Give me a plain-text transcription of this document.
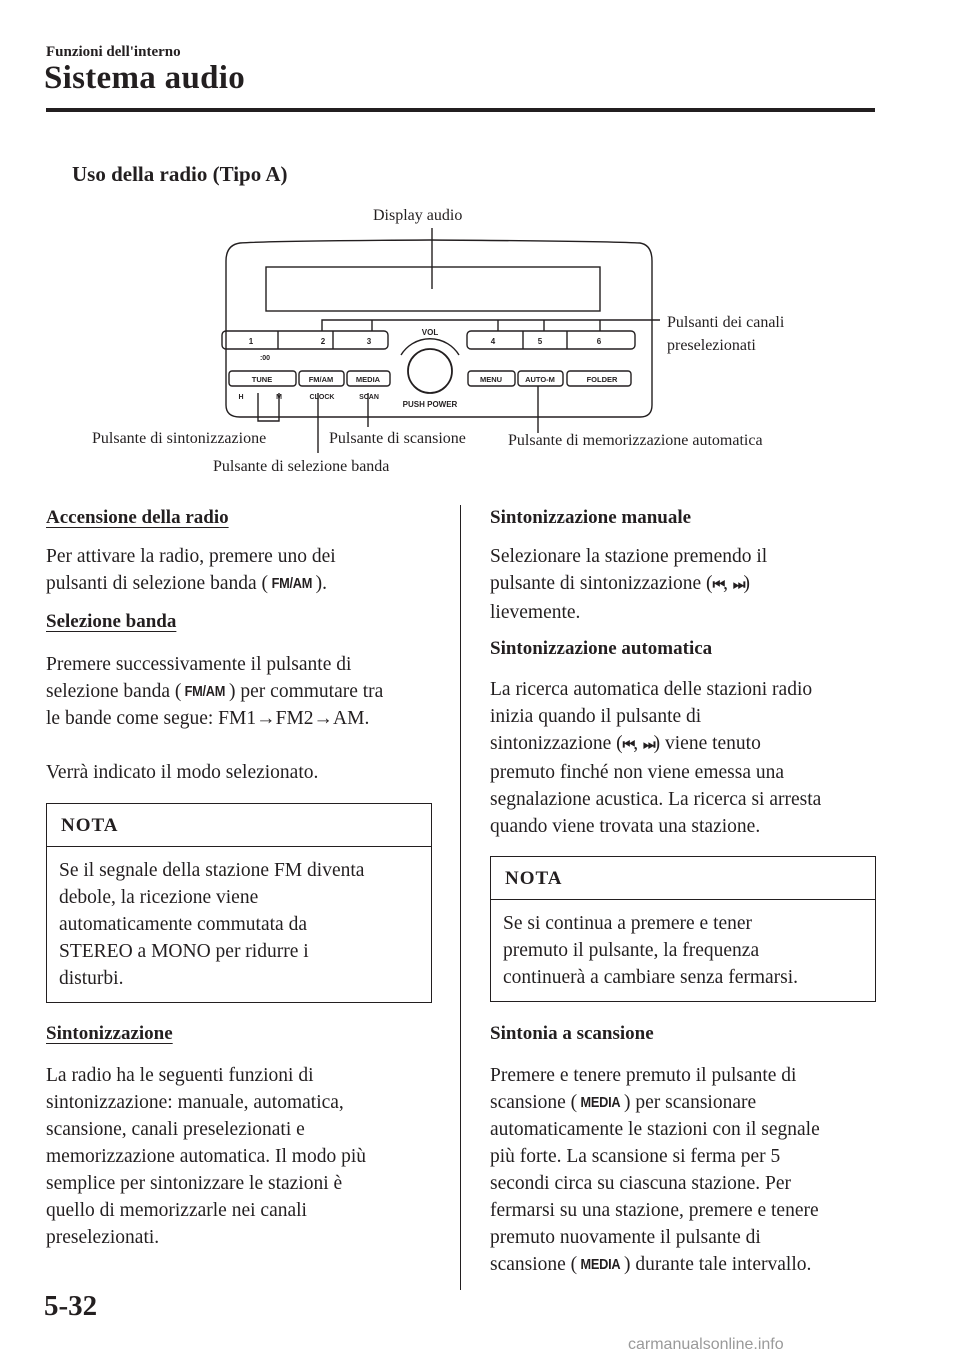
Funzioni dell'interno
Sistema audio
Uso della radio (Tipo A)
VOL
PUSH POWER
1	2	3	4	5	6
:00
TUNE	FM/AM	MEDIA	MENU	AUTO-M	FOLDER
H	M	CLOCK	SCAN
Display audio
Pulsanti dei canali
preselezionati
Pulsante di sintonizzazione	Pulsante di scansione	Pulsante di memorizzazione automatica
Pulsante di selezione banda
Accensione della radio
Per attivare la radio, premere uno dei
pulsanti di selezione banda ( FM/AM ).
Selezione banda
Premere successivamente il pulsante di
selezione banda ( FM/AM ) per commutare tra
le bande come segue: FM1→FM2→AM.
Verrà indicato il modo selezionato.
NOTA
Se il segnale della stazione FM diventa
debole, la ricezione viene
automaticamente commutata da
STEREO a MONO per ridurre i
disturbi.
Sintonizzazione
La radio ha le seguenti funzioni di
sintonizzazione: manuale, automatica,
scansione, canali preselezionati e
memorizzazione automatica. Il modo più
semplice per sintonizzare le stazioni è
quello di memorizzarle nei canali
preselezionati.
Sintonizzazione manuale
Selezionare la stazione premendo il
pulsante di sintonizzazione (⏮, ⏭)
lievemente.
Sintonizzazione automatica
La ricerca automatica delle stazioni radio
inizia quando il pulsante di
sintonizzazione (⏮, ⏭) viene tenuto
premuto finché non viene emessa una
segnalazione acustica. La ricerca si arresta
quando viene trovata una stazione.
NOTA
Se si continua a premere e tener
premuto il pulsante, la frequenza
continuerà a cambiare senza fermarsi.
Sintonia a scansione
Premere e tenere premuto il pulsante di
scansione ( MEDIA ) per scansionare
automaticamente le stazioni con il segnale
più forte. La scansione si ferma per 5
secondi circa su ciascuna stazione. Per
fermarsi su una stazione, premere e tenere
premuto nuovamente il pulsante di
scansione ( MEDIA ) durante tale intervallo.
5-32
carmanualsonline.info
